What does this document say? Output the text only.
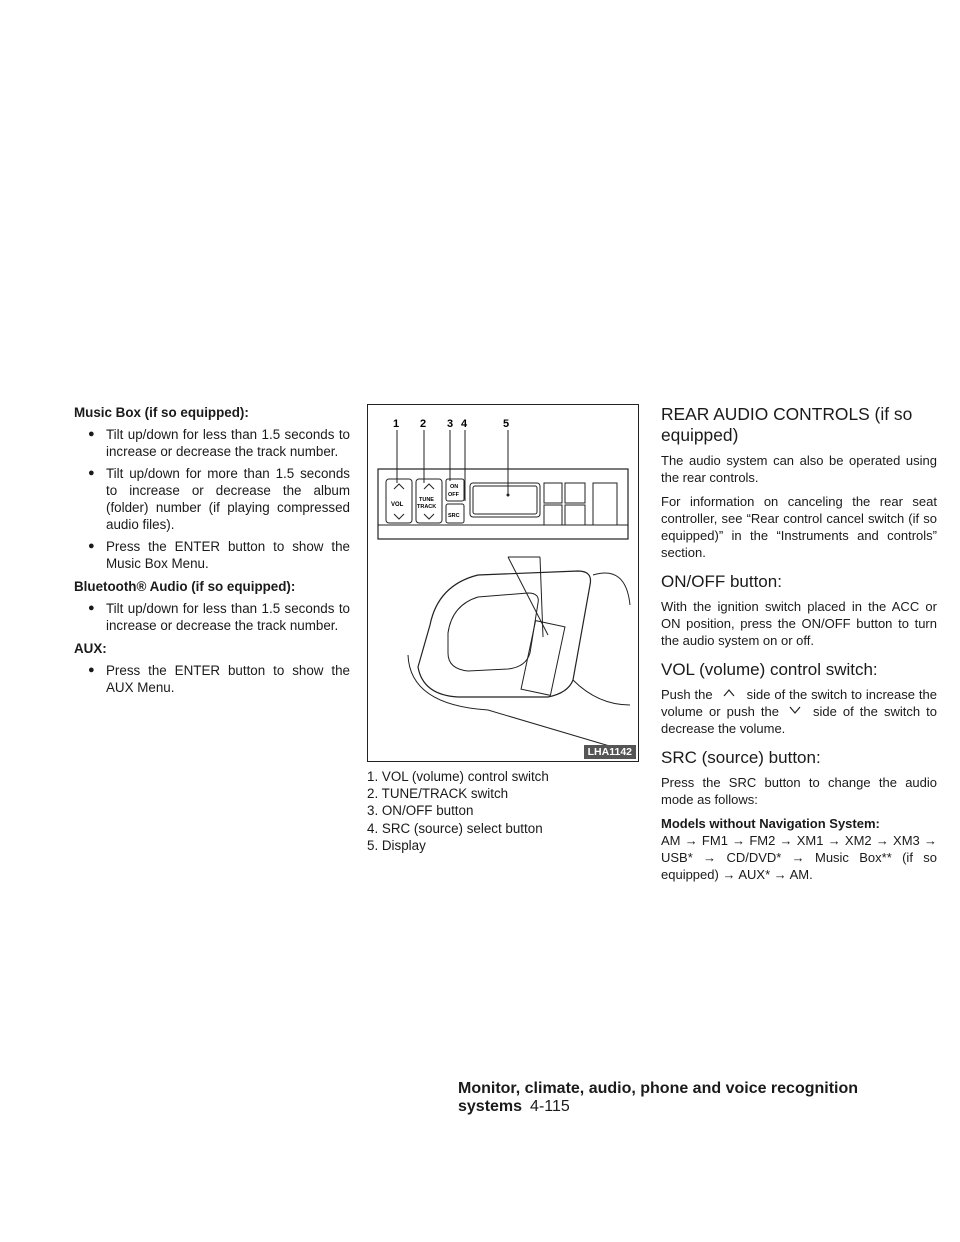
Music Box (if so equipped):

● Tilt up/down for less than 1.5 seconds to increase or decrease the track number.
● Tilt up/down for more than 1.5 seconds to increase or decrease the album (folder) number (if playing compressed audio files).
● Press the ENTER button to show the Music Box Menu.

Bluetooth® Audio (if so equipped):

● Tilt up/down for less than 1.5 seconds to increase or decrease the track number.

AUX:

● Press the ENTER button to show the AUX Menu.
1 2 3 4	5
VOL
TUNE
TRACK
ON
OFF
SRC
LHA1142
1. VOL (volume) control switch
2. TUNE/TRACK switch
3. ON/OFF button
4. SRC (source) select button
5. Display
REAR AUDIO CONTROLS (if so equipped)

The audio system can also be operated using the rear controls.

For information on canceling the rear seat controller, see “Rear control cancel switch (if so equipped)” in the “Instruments and controls” section.

ON/OFF button:

With the ignition switch placed in the ACC or ON position, press the ON/OFF button to turn the audio system on or off.

VOL (volume) control switch:

Push the	side of the switch to increase the volume or push the	side of the switch to decrease the volume.

SRC (source) button:

Press the SRC button to change the audio mode as follows:

Models without Navigation System:

AM → FM1 → FM2 → XM1 → XM2 → XM3 → USB* → CD/DVD* → Music Box** (if so equipped) → AUX* → AM.

Monitor, climate, audio, phone and voice recognition systems 4-115
